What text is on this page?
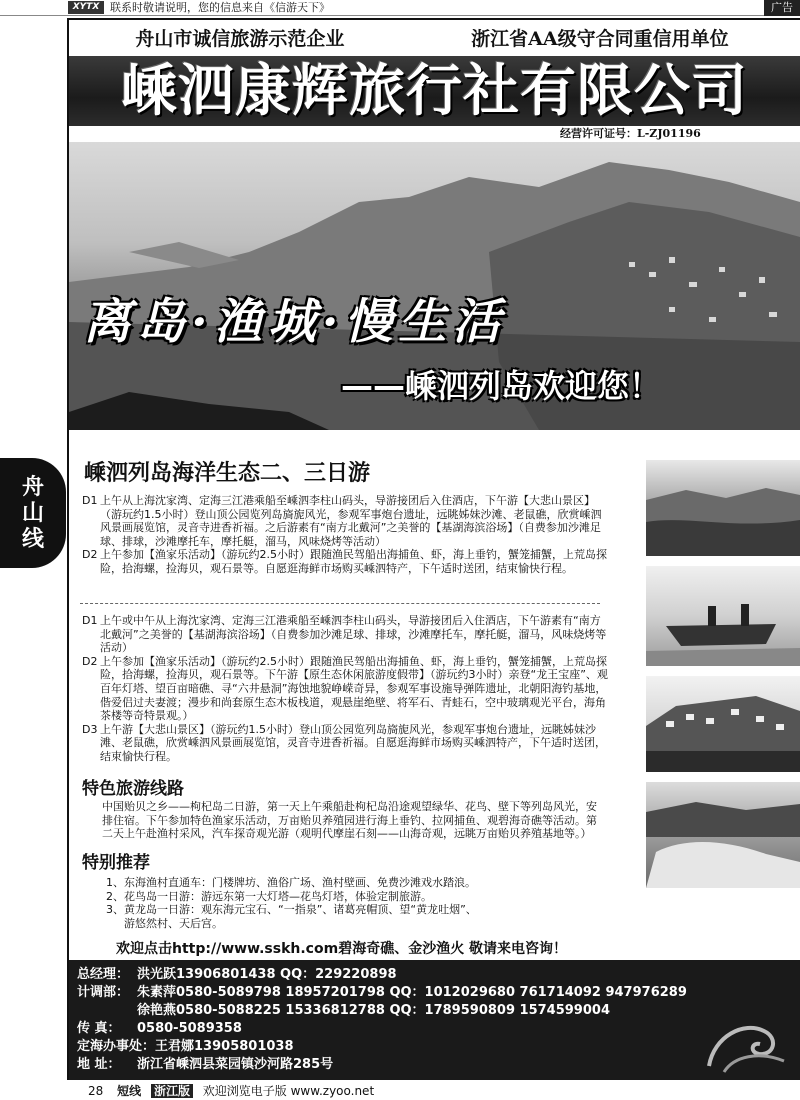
XYTX 联系时敬请说明，您的信息来自《信游天下》	广告
舟山市诚信旅游示范企业	浙江省AA级守合同重信用单位
嵊泗康辉旅行社有限公司
经营许可证号：L-ZJ01196
离岛·渔城·慢生活
——嵊泗列岛欢迎您！
舟
山
线
嵊泗列岛海洋生态二、三日游
D1 上午从上海沈家湾、定海三江港乘船至嵊泗李柱山码头，导游接团后入住酒店，下午游【大悲山景区】（游玩约1.5小时）登山顶公园览列岛旖旎风光，参观军事炮台遗址，远眺姊妹沙滩、老鼠礁，欣赏嵊泗风景画展览馆，灵音寺进香祈福。之后游素有“南方北戴河”之美誉的【基湖海滨浴场】（自费参加沙滩足球、排球，沙滩摩托车，摩托艇，溜马，风味烧烤等活动）
D2 上午参加【渔家乐活动】（游玩约2.5小时）跟随渔民驾船出海捕鱼、虾，海上垂钓，蟹笼捕蟹，上荒岛探险，拾海螺，捡海贝，观石景等。自愿逛海鲜市场购买嵊泗特产，下午适时送团，结束愉快行程。
D1 上午或中午从上海沈家湾、定海三江港乘船至嵊泗李柱山码头，导游接团后入住酒店，下午游素有“南方北戴河”之美誉的【基湖海滨浴场】（自费参加沙滩足球、排球，沙滩摩托车，摩托艇，溜马，风味烧烤等活动）
D2 上午参加【渔家乐活动】（游玩约2.5小时）跟随渔民驾船出海捕鱼、虾，海上垂钓，蟹笼捕蟹，上荒岛探险，拾海螺，捡海贝，观石景等。下午游【原生态休闲旅游度假带】（游玩约3小时）亲登“龙王宝座”、观百年灯塔、望百亩暗礁、寻“六井悬洞”海蚀地貌峥嵘奇异，参观军事设施导弹阵遗址，北朝阳海钓基地，偕爱侣过夫妻渡；漫步和尚套原生态木板栈道，观悬崖绝壁、将军石、青蛙石，空中玻璃观光平台，海角茶楼等奇特景观。）
D3 上午游【大悲山景区】（游玩约1.5小时）登山顶公园览列岛旖旎风光，参观军事炮台遗址，远眺姊妹沙滩、老鼠礁，欣赏嵊泗风景画展览馆，灵音寺进香祈福。自愿逛海鲜市场购买嵊泗特产，下午适时送团，结束愉快行程。
特色旅游线路
中国贻贝之乡——枸杞岛二日游，第一天上午乘船赴枸杞岛沿途观望绿华、花鸟、壁下等列岛风光，安排住宿。下午参加特色渔家乐活动，万亩贻贝养殖园进行海上垂钓、拉网捕鱼、观碧海奇礁等活动。第二天上午赴渔村采风，汽车探奇观光游（观明代摩崖石刻——山海奇观，远眺万亩贻贝养殖基地等。）
特别推荐
1、东海渔村直通车：门楼牌坊、渔俗广场、渔村壁画、免费沙滩戏水踏浪。
2、花鸟岛一日游：游远东第一大灯塔—花鸟灯塔，体验定制旅游。
3、黄龙岛一日游：观东海元宝石、“一指泉”、诸葛亮帽顶、望“黄龙吐烟”、
游悠然村、天后宫。
欢迎点击http://www.sskh.com碧海奇礁、金沙渔火 敬请来电咨询！
总经理： 洪光跃13906801438 QQ：229220898
计调部： 朱素萍0580-5089798 18957201798 QQ：1012029680 761714092 947976289
徐艳燕0580-5088225 15336812788 QQ：1789590809 1574599004
传 真： 0580-5089358
定海办事处：王君娜13905801038
地 址： 浙江省嵊泗县菜园镇沙河路285号
28 短线 浙江版 欢迎浏览电子版 www.zyoo.net
